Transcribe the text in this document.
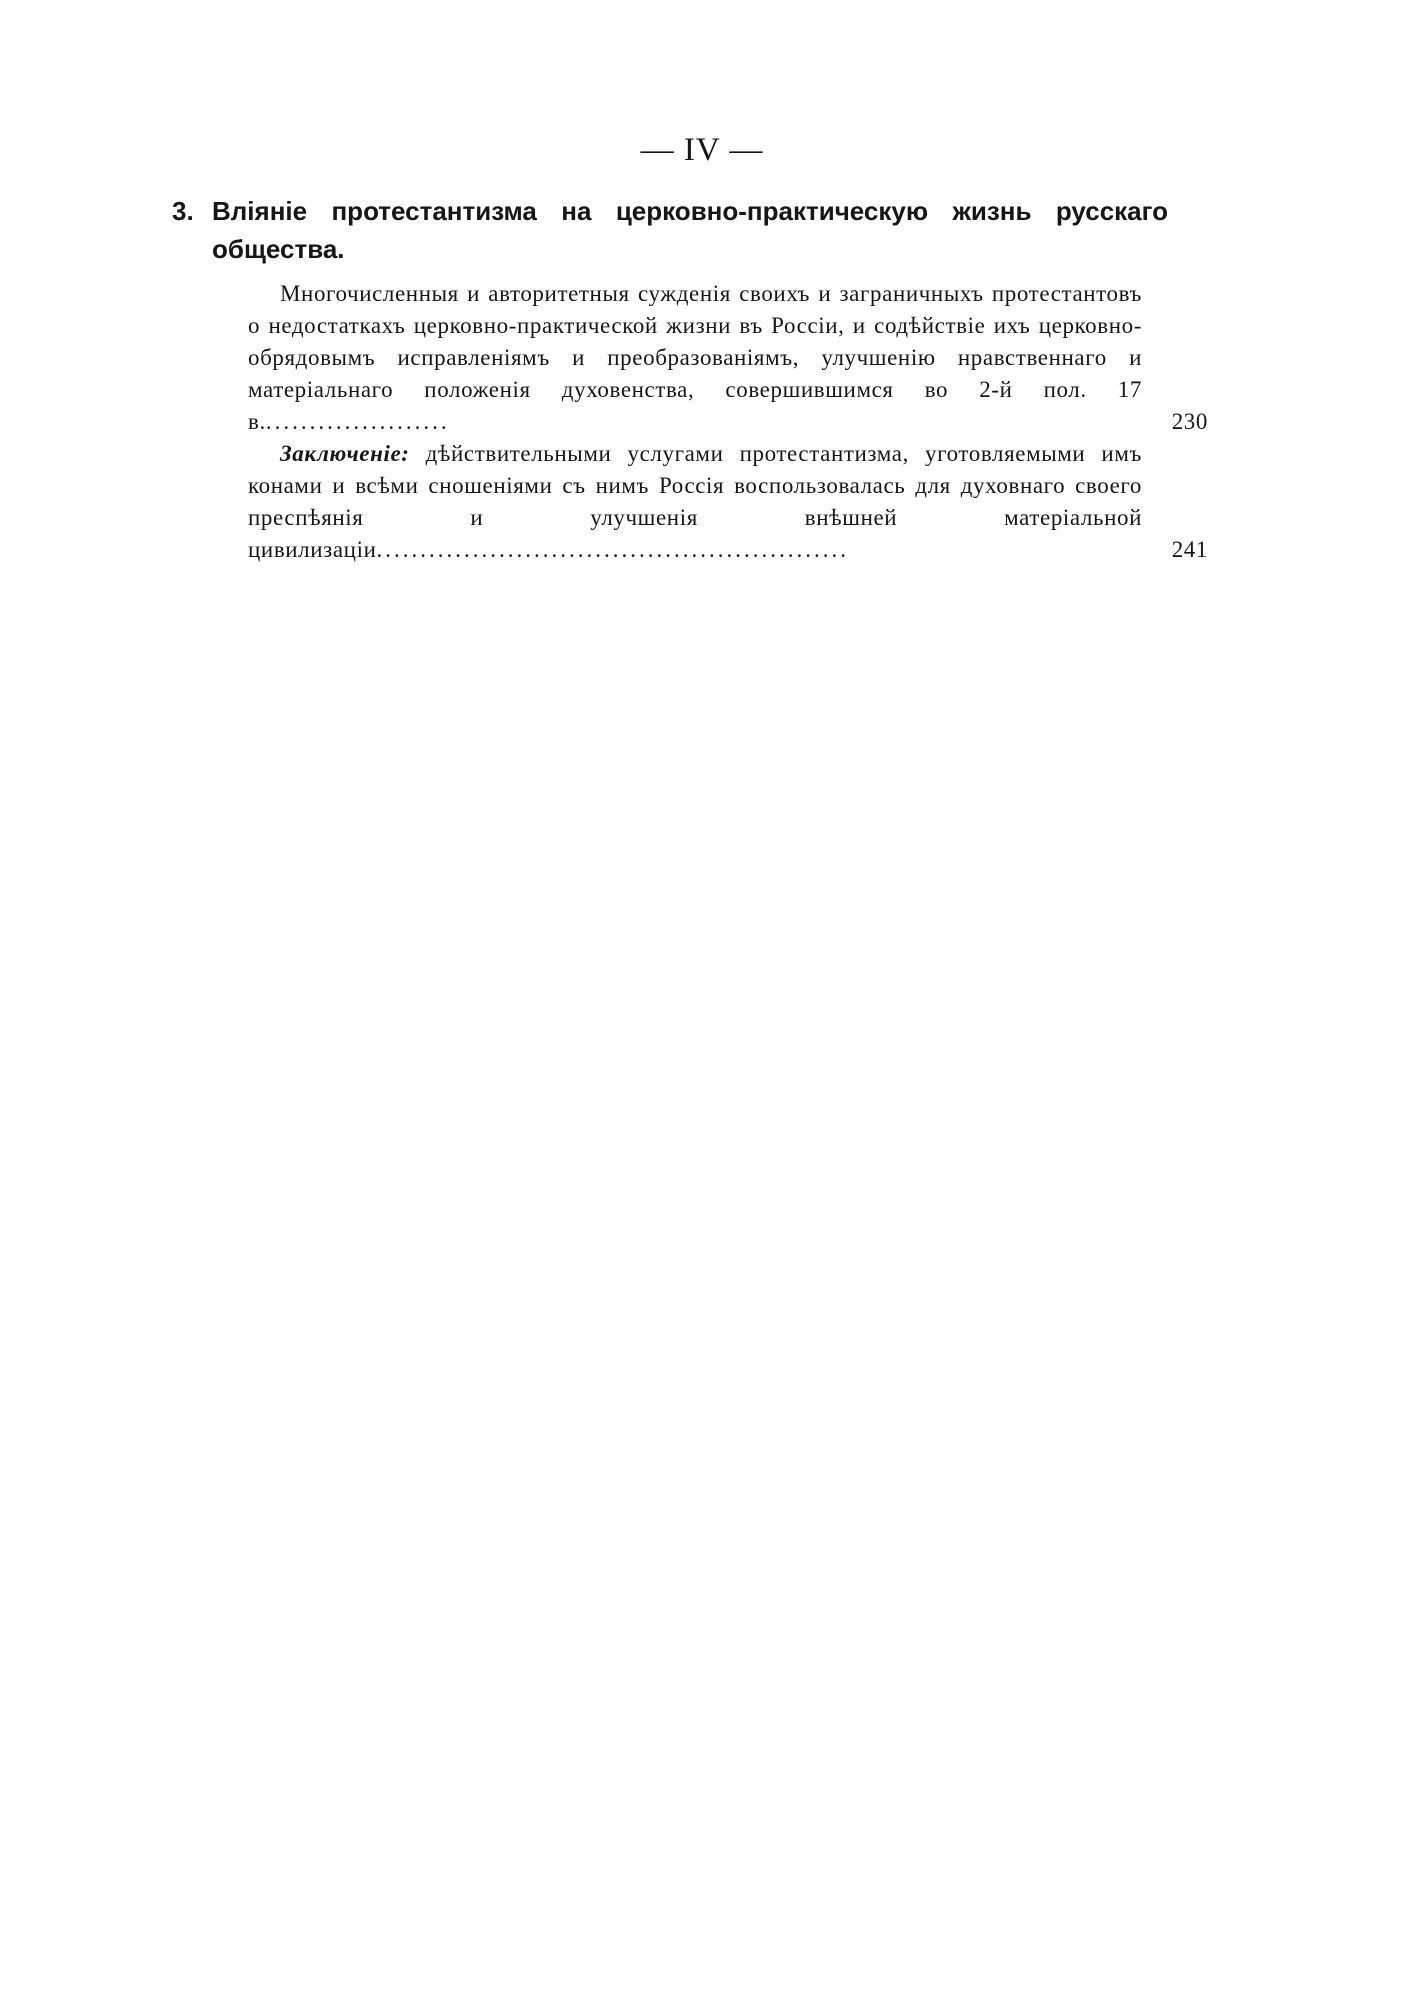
— IV —
3. Вліяніе протестантизма на церковно-практическую жизнь русскаго общества.
Многочисленныя и авторитетныя сужденія своихъ и заграничныхъ протестантовъ о недостаткахъ церковно-практической жизни въ Россіи, и содѣйствіе ихъ церковно-обрядовымъ исправленіямъ и преобразованіямъ, улучшенію нравственнаго и матеріальнаго положенія духовенства, совершившимся во 2-й пол. 17 в......................	230
Заключеніе: дѣйствительными услугами протестантизма, уготовляемыми имъ конами и всѣми сношеніями съ нимъ Россія воспользовалась для духовнаго своего преспѣянія и улучшенія внѣшней матеріальной цивилизаціи......................................................	241
